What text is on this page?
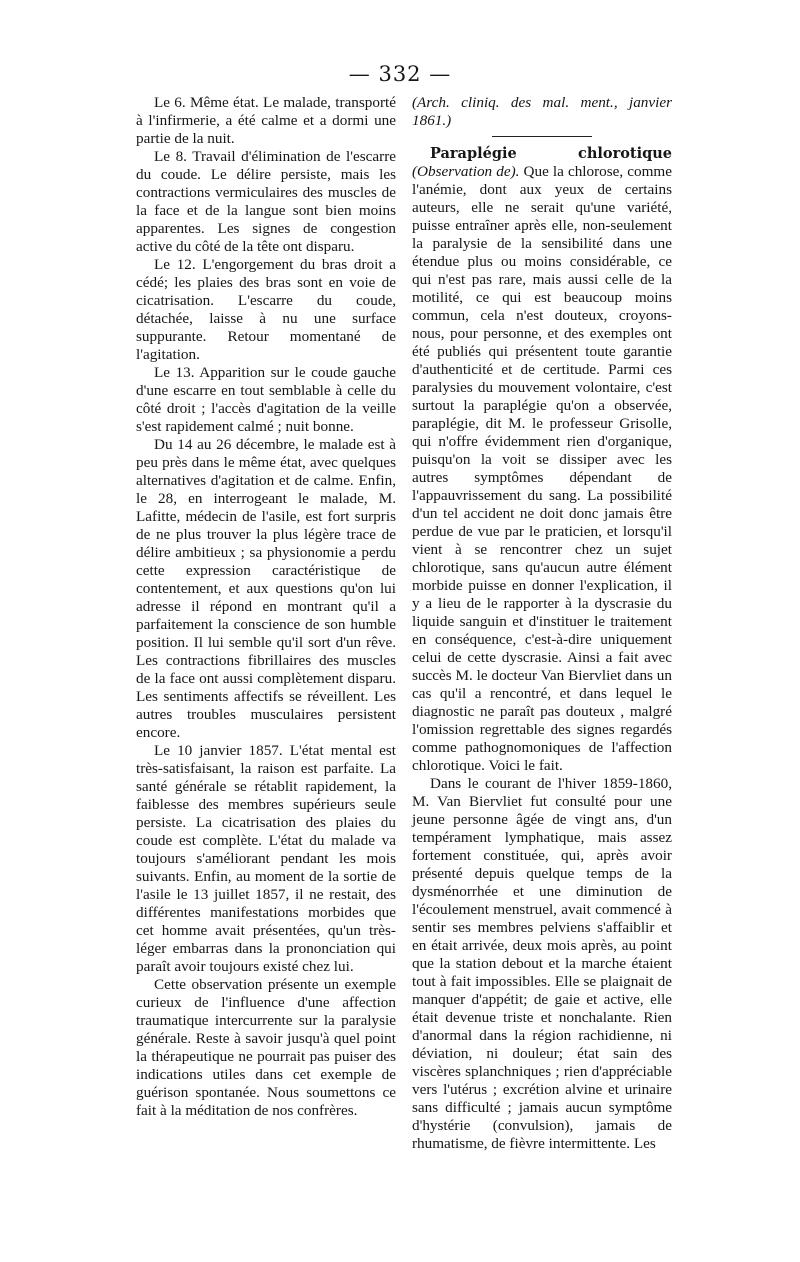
— 332 —

Le 6. Même état. Le malade, transporté à l'infirmerie, a été calme et a dormi une partie de la nuit.

Le 8. Travail d'élimination de l'escarre du coude. Le délire persiste, mais les contractions vermiculaires des muscles de la face et de la langue sont bien moins apparentes. Les signes de congestion active du côté de la tête ont disparu.

Le 12. L'engorgement du bras droit a cédé; les plaies des bras sont en voie de cicatrisation. L'escarre du coude, détachée, laisse à nu une surface suppurante. Retour momentané de l'agitation.

Le 13. Apparition sur le coude gauche d'une escarre en tout semblable à celle du côté droit ; l'accès d'agitation de la veille s'est rapidement calmé ; nuit bonne.

Du 14 au 26 décembre, le malade est à peu près dans le même état, avec quelques alternatives d'agitation et de calme. Enfin, le 28, en interrogeant le malade, M. Lafitte, médecin de l'asile, est fort surpris de ne plus trouver la plus légère trace de délire ambitieux ; sa physionomie a perdu cette expression caractéristique de contentement, et aux questions qu'on lui adresse il répond en montrant qu'il a parfaitement la conscience de son humble position. Il lui semble qu'il sort d'un rêve. Les contractions fibrillaires des muscles de la face ont aussi complètement disparu. Les sentiments affectifs se réveillent. Les autres troubles musculaires persistent encore.

Le 10 janvier 1857. L'état mental est très-satisfaisant, la raison est parfaite. La santé générale se rétablit rapidement, la faiblesse des membres supérieurs seule persiste. La cicatrisation des plaies du coude est complète. L'état du malade va toujours s'améliorant pendant les mois suivants. Enfin, au moment de la sortie de l'asile le 13 juillet 1857, il ne restait, des différentes manifestations morbides que cet homme avait présentées, qu'un très-léger embarras dans la prononciation qui paraît avoir toujours existé chez lui.

Cette observation présente un exemple curieux de l'influence d'une affection traumatique intercurrente sur la paralysie générale. Reste à savoir jusqu'à quel point la thérapeutique ne pourrait pas puiser des indications utiles dans cet exemple de guérison spontanée. Nous soumettons ce fait à la méditation de nos confrères.

(Arch. cliniq. des mal. ment., janvier 1861.)

Paraplégie chlorotique (Observation de). Que la chlorose, comme l'anémie, dont aux yeux de certains auteurs, elle ne serait qu'une variété, puisse entraîner après elle, non-seulement la paralysie de la sensibilité dans une étendue plus ou moins considérable, ce qui n'est pas rare, mais aussi celle de la motilité, ce qui est beaucoup moins commun, cela n'est douteux, croyons-nous, pour personne, et des exemples ont été publiés qui présentent toute garantie d'authenticité et de certitude. Parmi ces paralysies du mouvement volontaire, c'est surtout la paraplégie qu'on a observée, paraplégie, dit M. le professeur Grisolle, qui n'offre évidemment rien d'organique, puisqu'on la voit se dissiper avec les autres symptômes dépendant de l'appauvrissement du sang. La possibilité d'un tel accident ne doit donc jamais être perdue de vue par le praticien, et lorsqu'il vient à se rencontrer chez un sujet chlorotique, sans qu'aucun autre élément morbide puisse en donner l'explication, il y a lieu de le rapporter à la dyscrasie du liquide sanguin et d'instituer le traitement en conséquence, c'est-à-dire uniquement celui de cette dyscrasie. Ainsi a fait avec succès M. le docteur Van Biervliet dans un cas qu'il a rencontré, et dans lequel le diagnostic ne paraît pas douteux , malgré l'omission regrettable des signes regardés comme pathognomoniques de l'affection chlorotique. Voici le fait.

Dans le courant de l'hiver 1859-1860, M. Van Biervliet fut consulté pour une jeune personne âgée de vingt ans, d'un tempérament lymphatique, mais assez fortement constituée, qui, après avoir présenté depuis quelque temps de la dysménorrhée et une diminution de l'écoulement menstruel, avait commencé à sentir ses membres pelviens s'affaiblir et en était arrivée, deux mois après, au point que la station debout et la marche étaient tout à fait impossibles. Elle se plaignait de manquer d'appétit; de gaie et active, elle était devenue triste et nonchalante. Rien d'anormal dans la région rachidienne, ni déviation, ni douleur; état sain des viscères splanchniques ; rien d'appréciable vers l'utérus ; excrétion alvine et urinaire sans difficulté ; jamais aucun symptôme d'hystérie (convulsion), jamais de rhumatisme, de fièvre intermittente. Les
